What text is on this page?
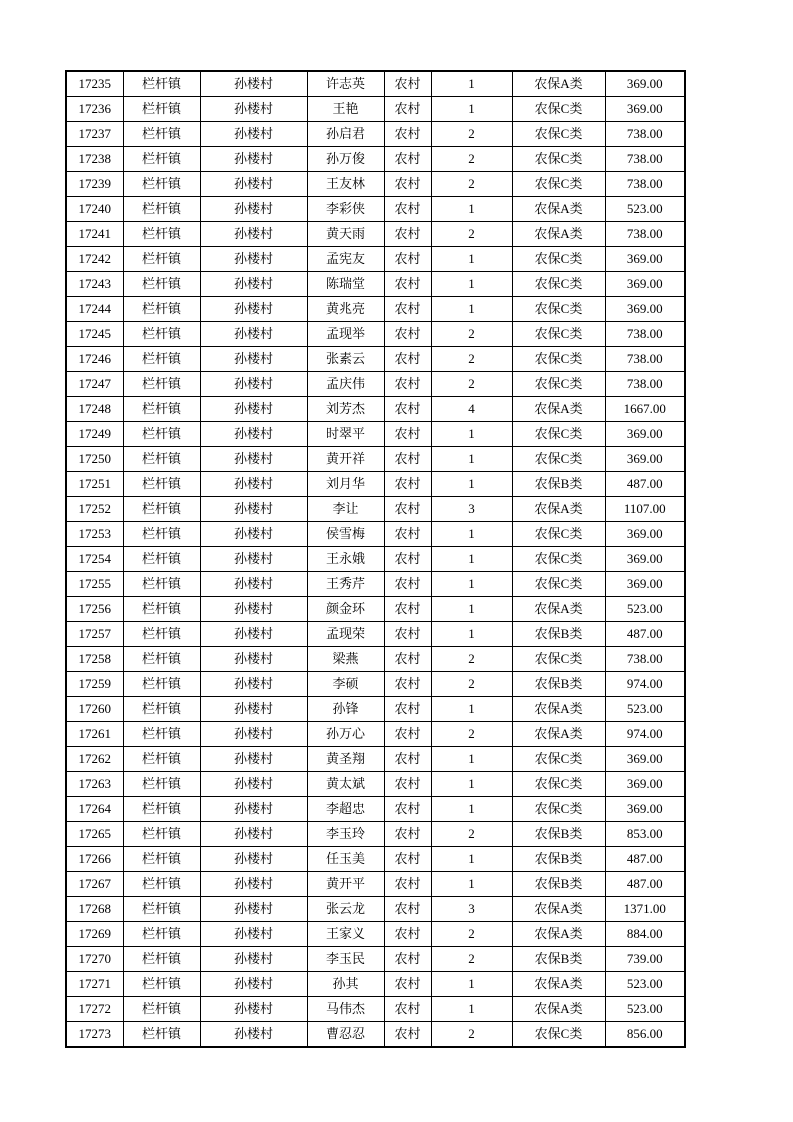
17235	栏杆镇	孙楼村	许志英	农村	1	农保A类	369.00
17236	栏杆镇	孙楼村	王艳	农村	1	农保C类	369.00
17237	栏杆镇	孙楼村	孙启君	农村	2	农保C类	738.00
17238	栏杆镇	孙楼村	孙万俊	农村	2	农保C类	738.00
17239	栏杆镇	孙楼村	王友林	农村	2	农保C类	738.00
17240	栏杆镇	孙楼村	李彩侠	农村	1	农保A类	523.00
17241	栏杆镇	孙楼村	黄天雨	农村	2	农保A类	738.00
17242	栏杆镇	孙楼村	孟宪友	农村	1	农保C类	369.00
17243	栏杆镇	孙楼村	陈瑞堂	农村	1	农保C类	369.00
17244	栏杆镇	孙楼村	黄兆亮	农村	1	农保C类	369.00
17245	栏杆镇	孙楼村	孟现举	农村	2	农保C类	738.00
17246	栏杆镇	孙楼村	张素云	农村	2	农保C类	738.00
17247	栏杆镇	孙楼村	孟庆伟	农村	2	农保C类	738.00
17248	栏杆镇	孙楼村	刘芳杰	农村	4	农保A类	1667.00
17249	栏杆镇	孙楼村	时翠平	农村	1	农保C类	369.00
17250	栏杆镇	孙楼村	黄开祥	农村	1	农保C类	369.00
17251	栏杆镇	孙楼村	刘月华	农村	1	农保B类	487.00
17252	栏杆镇	孙楼村	李让	农村	3	农保A类	1107.00
17253	栏杆镇	孙楼村	侯雪梅	农村	1	农保C类	369.00
17254	栏杆镇	孙楼村	王永娥	农村	1	农保C类	369.00
17255	栏杆镇	孙楼村	王秀芹	农村	1	农保C类	369.00
17256	栏杆镇	孙楼村	颜金环	农村	1	农保A类	523.00
17257	栏杆镇	孙楼村	孟现荣	农村	1	农保B类	487.00
17258	栏杆镇	孙楼村	梁燕	农村	2	农保C类	738.00
17259	栏杆镇	孙楼村	李硕	农村	2	农保B类	974.00
17260	栏杆镇	孙楼村	孙锋	农村	1	农保A类	523.00
17261	栏杆镇	孙楼村	孙万心	农村	2	农保A类	974.00
17262	栏杆镇	孙楼村	黄圣翔	农村	1	农保C类	369.00
17263	栏杆镇	孙楼村	黄太斌	农村	1	农保C类	369.00
17264	栏杆镇	孙楼村	李超忠	农村	1	农保C类	369.00
17265	栏杆镇	孙楼村	李玉玲	农村	2	农保B类	853.00
17266	栏杆镇	孙楼村	任玉美	农村	1	农保B类	487.00
17267	栏杆镇	孙楼村	黄开平	农村	1	农保B类	487.00
17268	栏杆镇	孙楼村	张云龙	农村	3	农保A类	1371.00
17269	栏杆镇	孙楼村	王家义	农村	2	农保A类	884.00
17270	栏杆镇	孙楼村	李玉民	农村	2	农保B类	739.00
17271	栏杆镇	孙楼村	孙其	农村	1	农保A类	523.00
17272	栏杆镇	孙楼村	马伟杰	农村	1	农保A类	523.00
17273	栏杆镇	孙楼村	曹忍忍	农村	2	农保C类	856.00
